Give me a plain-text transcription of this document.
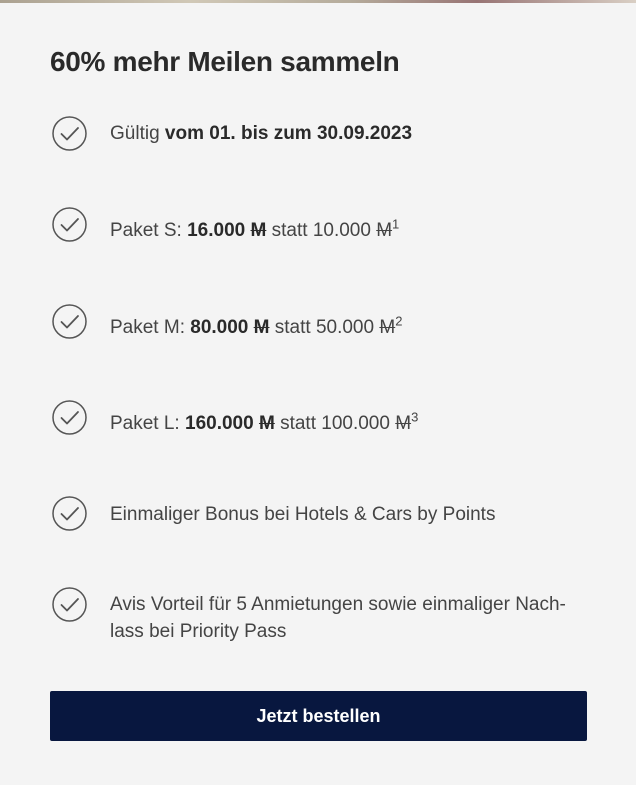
60% mehr Meilen sammeln
Gültig vom 01. bis zum 30.09.2023
Paket S: 16.000 M statt 10.000 $M^1$
Paket M: 80.000 M statt 50.000 $M^2$
Paket L: 160.000 M statt 100.000 $M^3$
Einmaliger Bonus bei Hotels & Cars by Points
Avis Vorteil für 5 Anmietungen sowie einmaliger Nach-lass bei Priority Pass
Jetzt bestellen
